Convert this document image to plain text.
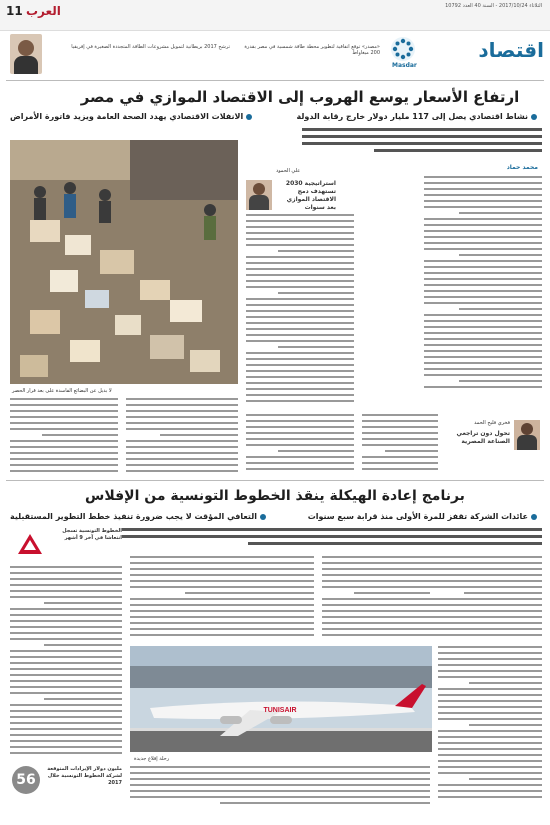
11 العرب	الثلاثاء 2017/10/24 - السنة 40 العدد 10792
اقتصاد
Masdar
«مصدر» توقع اتفاقية لتطوير محطة طاقة شمسية في مصر بقدرة 200 ميغاواط
ترشح 2017 بريطانية لتمويل مشروعات الطاقة المتجددة الصغيرة في إفريقيا
ارتفاع الأسعار يوسع الهروب إلى الاقتصاد الموازي في مصر
نشاط اقتصادي يصل إلى 117 مليار دولار خارج رقابة الدولة
الانفلات الاقتصادي يهدد الصحة العامة ويزيد فاتورة الأمراض
لا بديل عن البضائع الفاسدة على بعد قرار الحصر
علي الحمود
استراتيجية 2030 تستهدف دمج الاقتصاد الموازي بعد سنوات
محمد حماد
فخري فليح الحمد
تحول دون تراجعي الصناعة المصرية
برنامج إعادة الهيكلة ينقذ الخطوط التونسية من الإفلاس
عائدات الشركة تقفز للمرة الأولى منذ قرابة سبع سنوات
التعافي المؤقت لا يجب ضرورة تنفيذ خطط التطوير المستقبلية
الخطوط التونسية تسجل انتعاشا في آخر 9 أشهر
TUNISAIR
رحلة إقلاع جديدة
56
مليون دولار الإيرادات المتوقعة لشركة الخطوط التونسية خلال 2017
